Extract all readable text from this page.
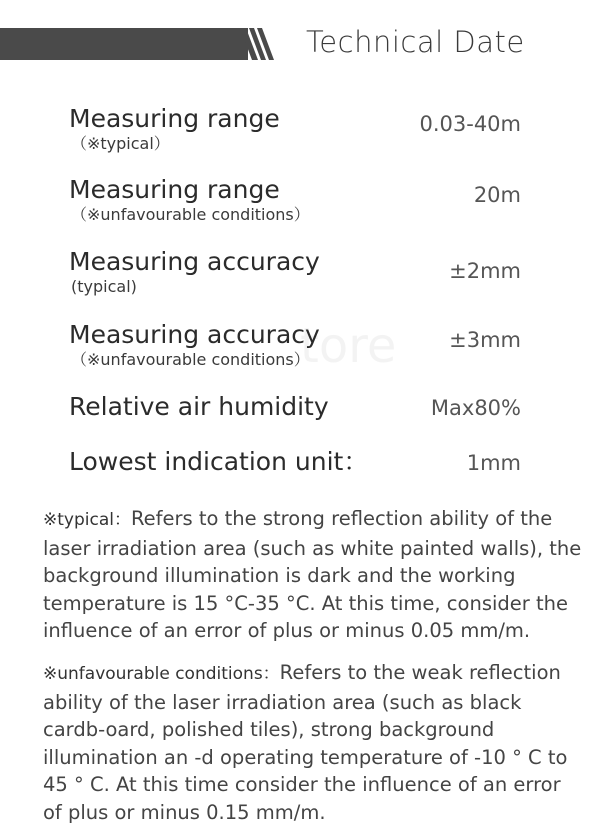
Technical Date
Measuring range
（※typical）
0.03-40m
Measuring range
（※unfavourable conditions）
20m
Measuring accuracy
(typical)
±2mm
Measuring accuracy
（※unfavourable conditions）
±3mm
Relative air humidity	Max80%
Lowest indication unit：	1mm
※typical：Refers to the strong reflection ability of the laser irradiation area (such as white painted walls), the background illumination is dark and the working temperature is 15 °C-35 °C. At this time, consider the influence of an error of plus or minus 0.05 mm/m.
※unfavourable conditions：Refers to the weak reflection ability of the laser irradiation area (such as black cardb-oard, polished tiles), strong background illumination an -d operating temperature of -10 ° C to 45 ° C. At this time consider the influence of an error of plus or minus 0.15 mm/m.
